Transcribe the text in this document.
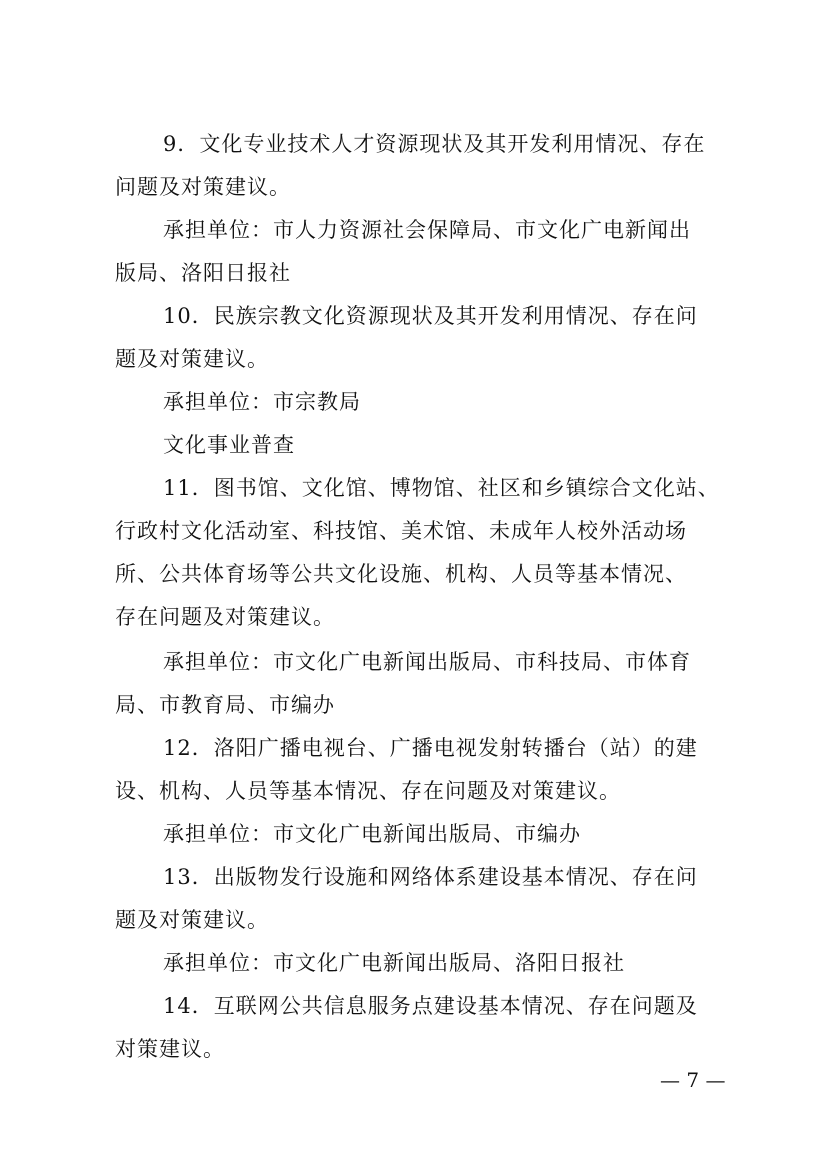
9．文化专业技术人才资源现状及其开发利用情况、存在
问题及对策建议。
承担单位：市人力资源社会保障局、市文化广电新闻出
版局、洛阳日报社
10．民族宗教文化资源现状及其开发利用情况、存在问
题及对策建议。
承担单位：市宗教局
文化事业普查
11．图书馆、文化馆、博物馆、社区和乡镇综合文化站、
行政村文化活动室、科技馆、美术馆、未成年人校外活动场
所、公共体育场等公共文化设施、机构、人员等基本情况、
存在问题及对策建议。
承担单位：市文化广电新闻出版局、市科技局、市体育
局、市教育局、市编办
12．洛阳广播电视台、广播电视发射转播台（站）的建
设、机构、人员等基本情况、存在问题及对策建议。
承担单位：市文化广电新闻出版局、市编办
13．出版物发行设施和网络体系建设基本情况、存在问
题及对策建议。
承担单位：市文化广电新闻出版局、洛阳日报社
14．互联网公共信息服务点建设基本情况、存在问题及
对策建议。
— 7 —
